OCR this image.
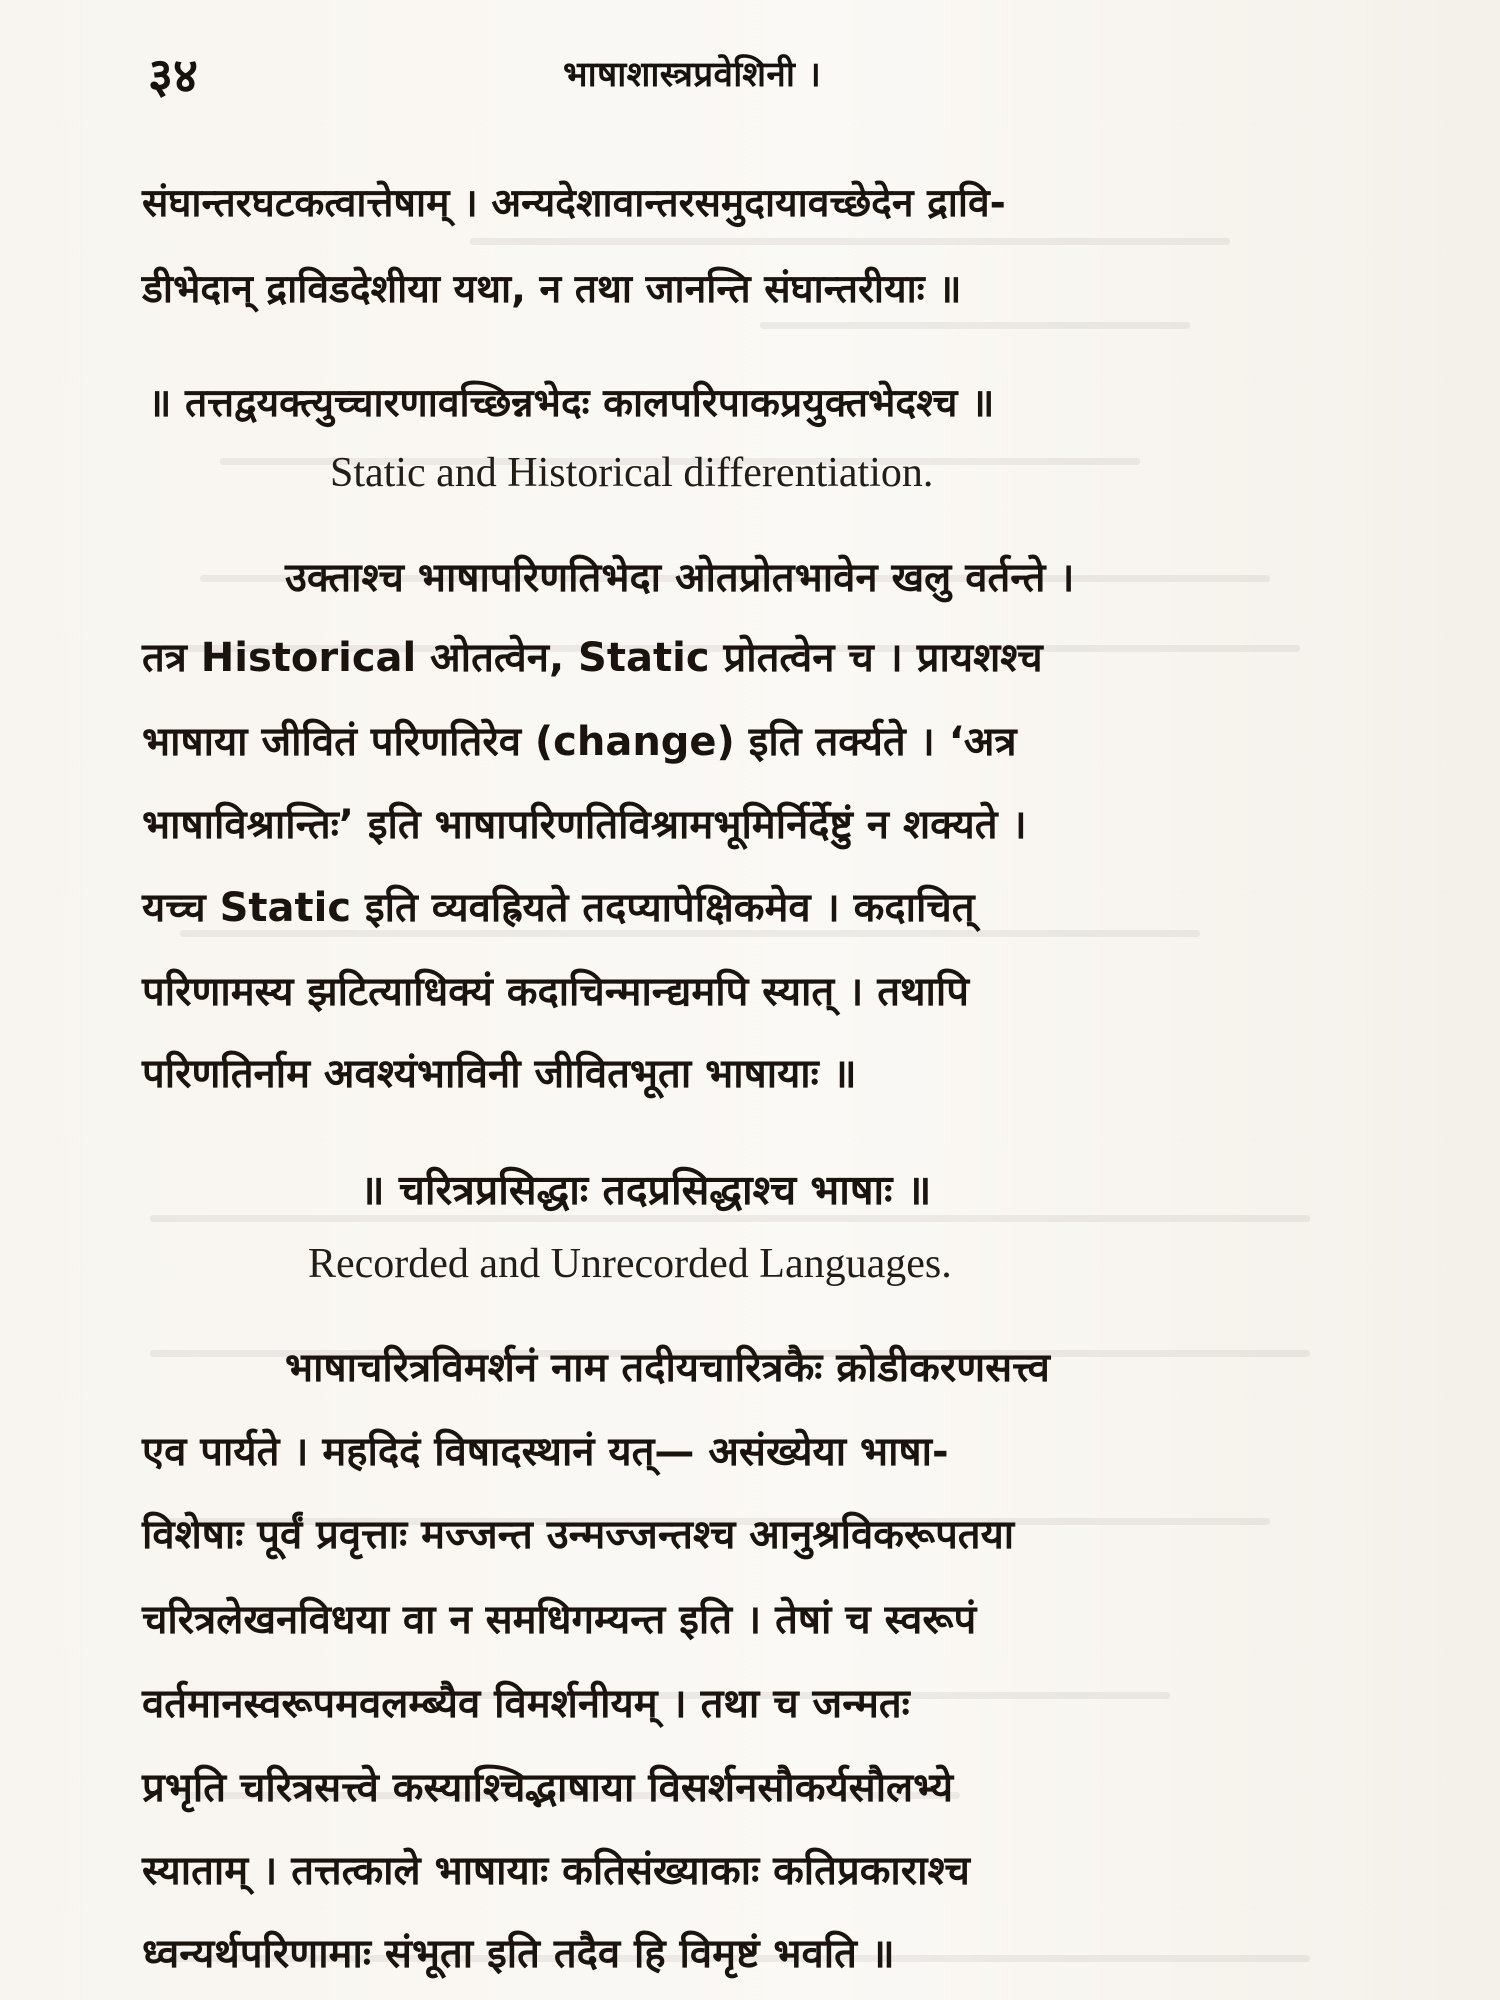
३४	भाषाशास्त्रप्रवेशिनी ।
संघान्तरघटकत्वात्तेषाम् । अन्यदेशावान्तरसमुदायावच्छेदेन द्रावि-
डीभेदान् द्राविडदेशीया यथा, न तथा जानन्ति संघान्तरीयाः ॥
॥ तत्तद्वयक्त्युच्चारणावच्छिन्नभेदः कालपरिपाकप्रयुक्तभेदश्च ॥
Static and Historical differentiation.
उक्ताश्च भाषापरिणतिभेदा ओतप्रोतभावेन खलु वर्तन्ते ।
तत्र Historical ओतत्वेन, Static प्रोतत्वेन च । प्रायशश्च
भाषाया जीवितं परिणतिरेव (change) इति तर्क्यते । ‘अत्र
भाषाविश्रान्तिः’ इति भाषापरिणतिविश्रामभूमिर्निर्देष्टुं न शक्यते ।
यच्च Static इति व्यवह्रियते तदप्यापेक्षिकमेव । कदाचित्
परिणामस्य झटित्याधिक्यं कदाचिन्मान्द्यमपि स्यात् । तथापि
परिणतिर्नाम अवश्यंभाविनी जीवितभूता भाषायाः ॥
॥ चरित्रप्रसिद्धाः तदप्रसिद्धाश्च भाषाः ॥
Recorded and Unrecorded Languages.
भाषाचरित्रविमर्शनं नाम तदीयचारित्रकैः क्रोडीकरणसत्त्व
एव पार्यते । महदिदं विषादस्थानं यत्— असंख्येया भाषा-
विशेषाः पूर्वं प्रवृत्ताः मज्जन्त उन्मज्जन्तश्च आनुश्रविकरूपतया
चरित्रलेखनविधया वा न समधिगम्यन्त इति । तेषां च स्वरूपं
वर्तमानस्वरूपमवलम्ब्यैव विमर्शनीयम् । तथा च जन्मतः
प्रभृति चरित्रसत्त्वे कस्याश्चिद्भाषाया विसर्शनसौकर्यसौलभ्ये
स्याताम् । तत्तत्काले भाषायाः कतिसंख्याकाः कतिप्रकाराश्च
ध्वन्यर्थपरिणामाः संभूता इति तदैव हि विमृष्टं भवति ॥
